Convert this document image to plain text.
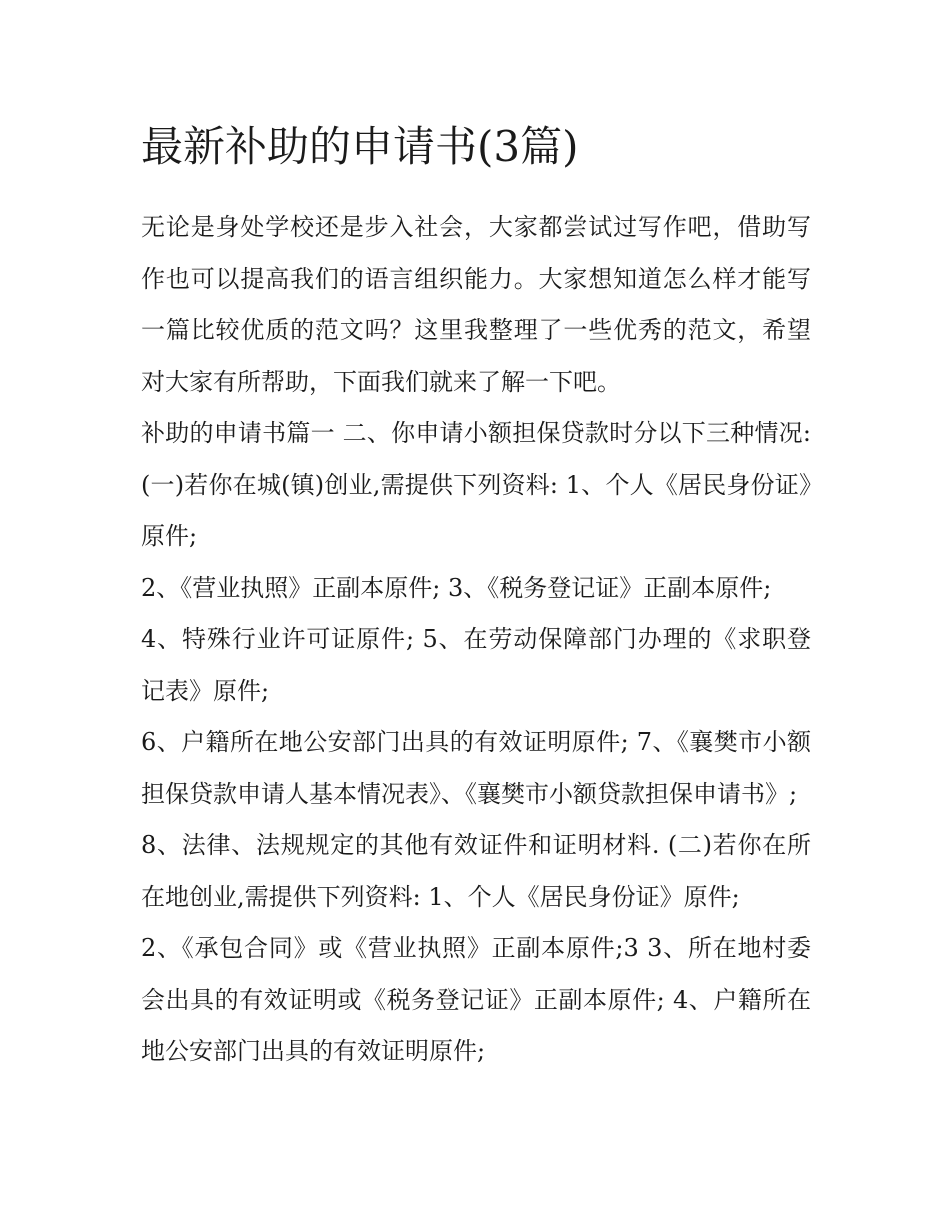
最新补助的申请书(3篇)

无论是身处学校还是步入社会，大家都尝试过写作吧，借助写作也可以提高我们的语言组织能力。大家想知道怎么样才能写一篇比较优质的范文吗？这里我整理了一些优秀的范文，希望对大家有所帮助，下面我们就来了解一下吧。

补助的申请书篇一 二、你申请小额担保贷款时分以下三种情况: (一)若你在城(镇)创业,需提供下列资料: 1、个人《居民身份证》原件;

2、《营业执照》正副本原件; 3、《税务登记证》正副本原件;

4、特殊行业许可证原件; 5、在劳动保障部门办理的《求职登记表》原件;

6、户籍所在地公安部门出具的有效证明原件; 7、《襄樊市小额担保贷款申请人基本情况表》、《襄樊市小额贷款担保申请书》;

8、法律、法规规定的其他有效证件和证明材料. (二)若你在所在地创业,需提供下列资料: 1、个人《居民身份证》原件;

2、《承包合同》或《营业执照》正副本原件;3 3、所在地村委会出具的有效证明或《税务登记证》正副本原件; 4、户籍所在地公安部门出具的有效证明原件;
